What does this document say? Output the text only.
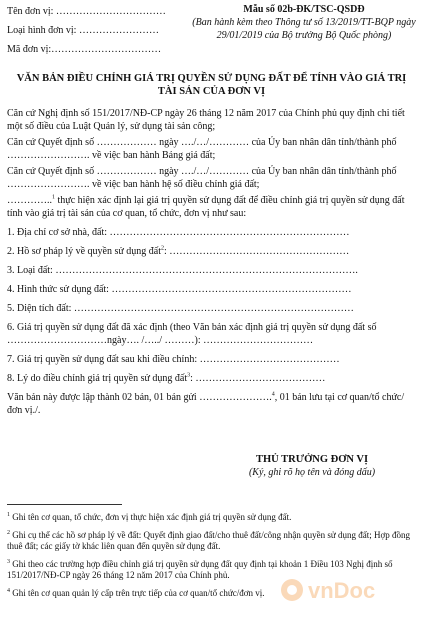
Tên đơn vị: ……………………………
Loại hình đơn vị: ……………………
Mã đơn vị:……………………………
Mẫu số 02b-ĐK/TSC-QSDĐ
(Ban hành kèm theo Thông tư số 13/2019/TT-BQP ngày 29/01/2019 của Bộ trưởng Bộ Quốc phòng)
VĂN BẢN ĐIỀU CHỈNH GIÁ TRỊ QUYỀN SỬ DỤNG ĐẤT ĐỂ TÍNH VÀO GIÁ TRỊ TÀI SẢN CỦA ĐƠN VỊ

Căn cứ Nghị định số 151/2017/NĐ-CP ngày 26 tháng 12 năm 2017 của Chính phủ quy định chi tiết một số điều của Luật Quản lý, sử dụng tài sản công;

Căn cứ Quyết định số ……………… ngày …./…/………… của Ủy ban nhân dân tỉnh/thành phố ……………………. về việc ban hành Bảng giá đất;

Căn cứ Quyết định số ……………… ngày …./…/………… của Ủy ban nhân dân tỉnh/thành phố ……………………. về việc ban hành hệ số điều chỉnh giá đất;

…………..$^1$ thực hiện xác định lại giá trị quyền sử dụng đất để điều chỉnh giá trị quyền sử dụng đất tính vào giá trị tài sản của cơ quan, tổ chức, đơn vị như sau:

1. Địa chỉ cơ sở nhà, đất: ………………………………………………………………

2. Hồ sơ pháp lý về quyền sử dụng đất$^2$: ………………………………………………

3. Loại đất: ……………………………………………………………………………….

4. Hình thức sử dụng đất: ………………………………………………………………

5. Diện tích đất: …………………………………………………………………………

6. Giá trị quyền sử dụng đất đã xác định (theo Văn bản xác định giá trị quyền sử dụng đất số …………………………ngày…. /…../ ………): ……………………………

7. Giá trị quyền sử dụng đất sau khi điều chỉnh: ……………………………………

8. Lý do điều chỉnh giá trị quyền sử dụng đất$^3$: …………………………………

Văn bản này được lập thành 02 bản, 01 bản gửi ………………….$^4$, 01 bản lưu tại cơ quan/tổ chức/đơn vị./.

THỦ TRƯỞNG ĐƠN VỊ
(Ký, ghi rõ họ tên và đóng dấu)

$^1$ Ghi tên cơ quan, tổ chức, đơn vị thực hiện xác định giá trị quyền sử dụng đất.

$^2$ Ghi cụ thể các hồ sơ pháp lý về đất: Quyết định giao đất/cho thuê đất/công nhận quyền sử dụng đất; Hợp đồng thuê đất; các giấy tờ khác liên quan đến quyền sử dụng đất.

$^3$ Ghi theo các trường hợp điều chỉnh giá trị quyền sử dụng đất quy định tại khoản 1 Điều 103 Nghị định số 151/2017/NĐ-CP ngày 26 tháng 12 năm 2017 của Chính phủ.

$^4$ Ghi tên cơ quan quản lý cấp trên trực tiếp của cơ quan/tổ chức/đơn vị.	vnDoc
